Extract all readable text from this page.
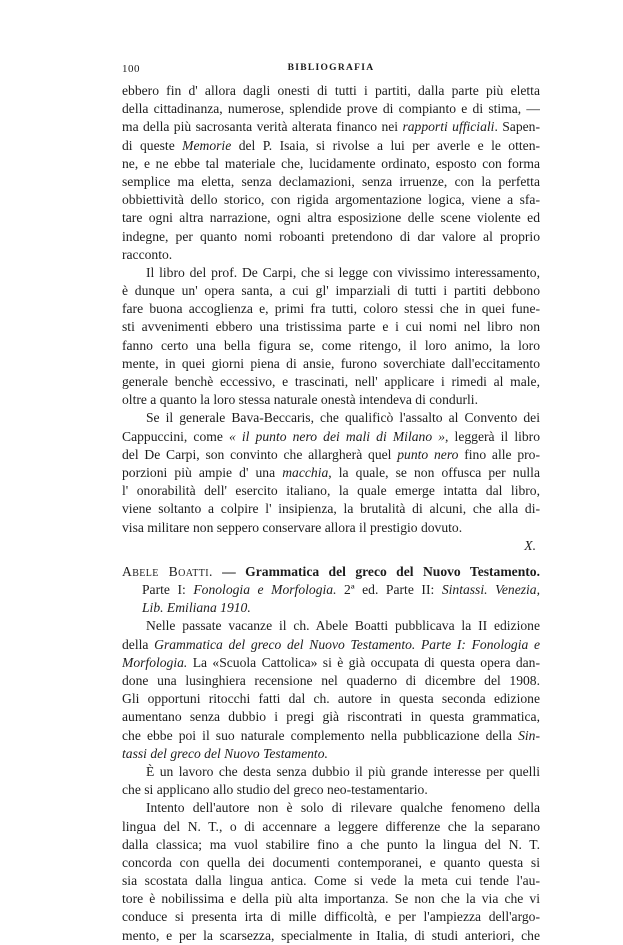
100	BIBLIOGRAFIA
ebbero fin d' allora dagli onesti di tutti i partiti, dalla parte più eletta
della cittadinanza, numerose, splendide prove di compianto e di stima, —
ma della più sacrosanta verità alterata financo nei rapporti ufficiali. Sapen-
di queste Memorie del P. Isaia, si rivolse a lui per averle e le otten-
ne, e ne ebbe tal materiale che, lucidamente ordinato, esposto con forma
semplice ma eletta, senza declamazioni, senza irruenze, con la perfetta
obbiettività dello storico, con rigida argomentazione logica, viene a sfa-
tare ogni altra narrazione, ogni altra esposizione delle scene violente ed
indegne, per quanto nomi roboanti pretendono di dar valore al proprio
racconto.
Il libro del prof. De Carpi, che si legge con vivissimo interessamento,
è dunque un' opera santa, a cui gl' imparziali di tutti i partiti debbono
fare buona accoglienza e, primi fra tutti, coloro stessi che in quei fune-
sti avvenimenti ebbero una tristissima parte e i cui nomi nel libro non
fanno certo una bella figura se, come ritengo, il loro animo, la loro
mente, in quei giorni piena di ansie, furono soverchiate dall'eccitamento
generale benchè eccessivo, e trascinati, nell' applicare i rimedi al male,
oltre a quanto la loro stessa naturale onestà intendeva di condurli.
Se il generale Bava-Beccaris, che qualificò l'assalto al Convento dei
Cappuccini, come « il punto nero dei mali di Milano », leggerà il libro
del De Carpi, son convinto che allargherà quel punto nero fino alle pro-
porzioni più ampie d' una macchia, la quale, se non offusca per nulla
l' onorabilità dell' esercito italiano, la quale emerge intatta dal libro,
viene soltanto a colpire l' insipienza, la brutalità di alcuni, che alla di-
visa militare non seppero conservare allora il prestigio dovuto.
X.
Abele Boatti. — Grammatica del greco del Nuovo Testamento.
Parte I: Fonologia e Morfologia. 2ª ed. Parte II: Sintassi. Venezia,
Lib. Emiliana 1910.
Nelle passate vacanze il ch. Abele Boatti pubblicava la II edizione
della Grammatica del greco del Nuovo Testamento. Parte I: Fonologia e
Morfologia. La «Scuola Cattolica» si è già occupata di questa opera dan-
done una lusinghiera recensione nel quaderno di dicembre del 1908.
Gli opportuni ritocchi fatti dal ch. autore in questa seconda edizione
aumentano senza dubbio i pregi già riscontrati in questa grammatica,
che ebbe poi il suo naturale complemento nella pubblicazione della Sin-
tassi del greco del Nuovo Testamento.
È un lavoro che desta senza dubbio il più grande interesse per quelli
che si applicano allo studio del greco neo-testamentario.
Intento dell'autore non è solo di rilevare qualche fenomeno della
lingua del N. T., o di accennare a leggere differenze che la separano
dalla classica; ma vuol stabilire fino a che punto la lingua del N. T.
concorda con quella dei documenti contemporanei, e quanto questa si
sia scostata dalla lingua antica. Come si vede la meta cui tende l'au-
tore è nobilissima e della più alta importanza. Se non che la via che vi
conduce si presenta irta di mille difficoltà, e per l'ampiezza dell'argo-
mento, e per la scarsezza, specialmente in Italia, di studi anteriori, che
